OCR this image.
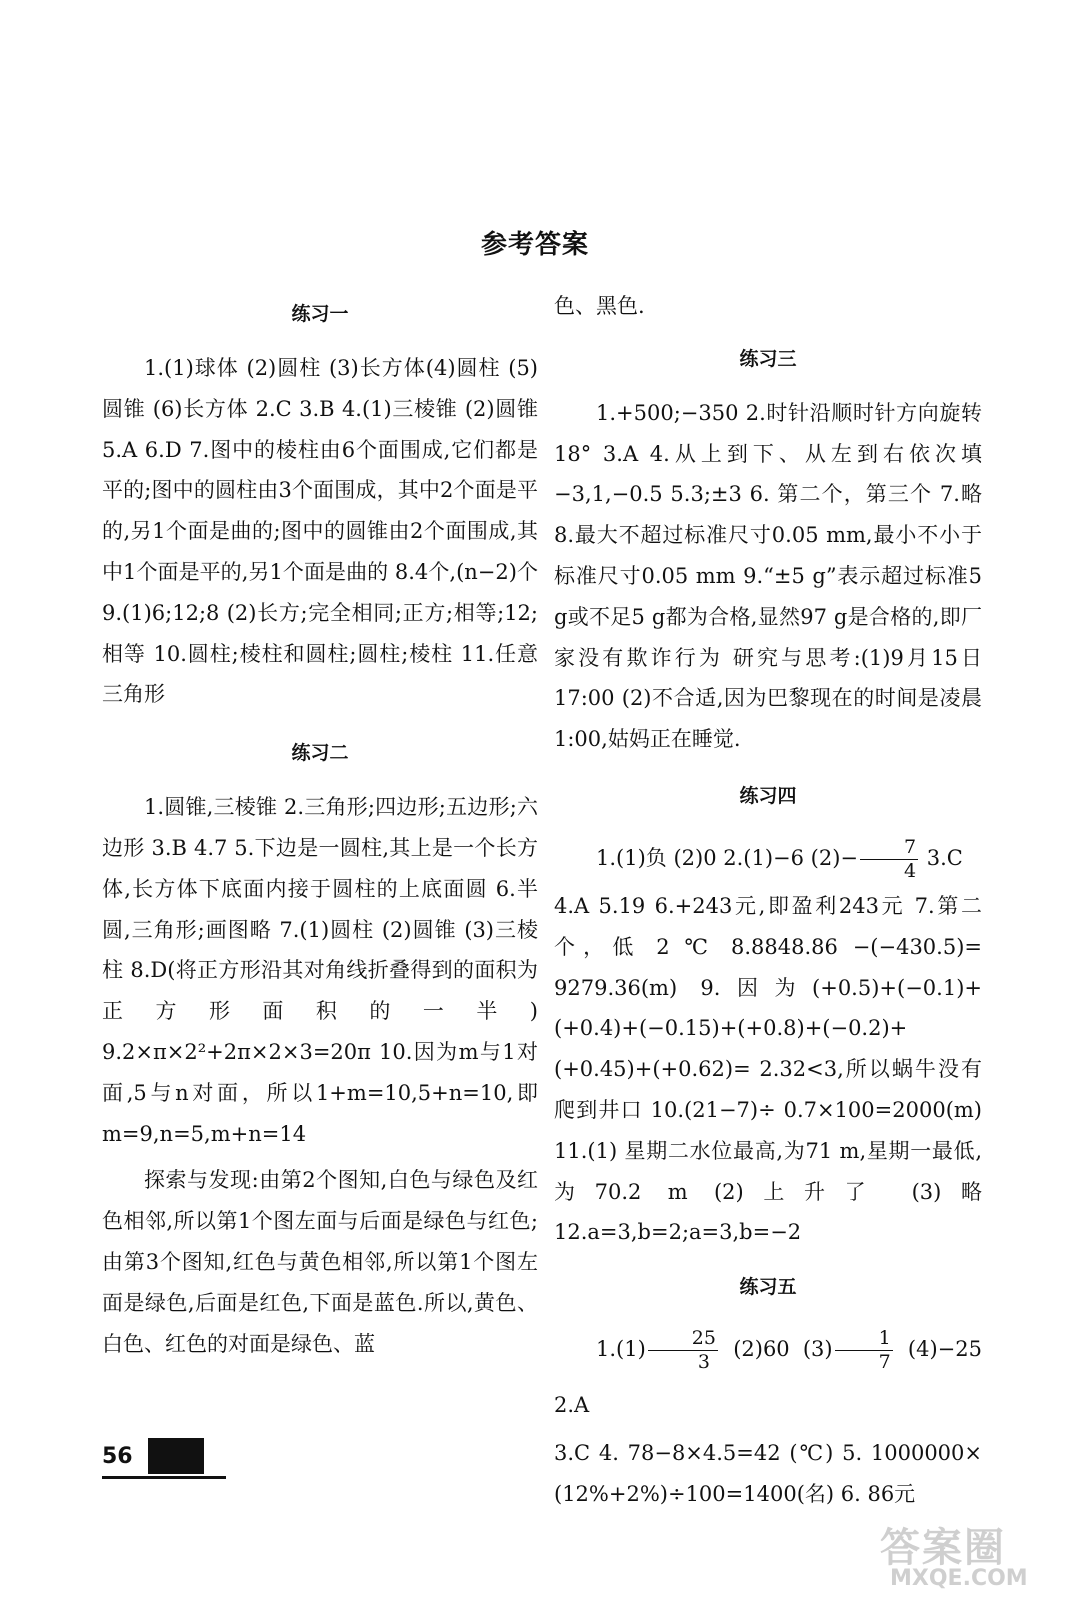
参考答案
练习一

1.(1)球体 (2)圆柱 (3)长方体(4)圆柱 (5)圆锥 (6)长方体 2.C 3.B 4.(1)三棱锥 (2)圆锥 5.A 6.D 7.图中的棱柱由6个面围成,它们都是平的;图中的圆柱由3个面围成，其中2个面是平的,另1个面是曲的;图中的圆锥由2个面围成,其中1个面是平的,另1个面是曲的 8.4个,(n−2)个 9.(1)6;12;8 (2)长方;完全相同;正方;相等;12;相等 10.圆柱;棱柱和圆柱;圆柱;棱柱 11.任意三角形

练习二

1.圆锥,三棱锥 2.三角形;四边形;五边形;六边形 3.B 4.7 5.下边是一圆柱,其上是一个长方体,长方体下底面内接于圆柱的上底面圆 6.半圆,三角形;画图略 7.(1)圆柱 (2)圆锥 (3)三棱柱 8.D(将正方形沿其对角线折叠得到的面积为正方形面积的一半) 9.2×π×2²+2π×2×3=20π 10.因为m与1对面,5与n对面，所以1+m=10,5+n=10,即m=9,n=5,m+n=14

探索与发现:由第2个图知,白色与绿色及红色相邻,所以第1个图左面与后面是绿色与红色;由第3个图知,红色与黄色相邻,所以第1个图左面是绿色,后面是红色,下面是蓝色.所以,黄色、白色、红色的对面是绿色、蓝

色、黑色.

练习三

1.+500;−350 2.时针沿顺时针方向旋转18° 3.A 4.从上到下、从左到右依次填−3,1,−0.5 5.3;±3 6. 第二个，第三个 7.略 8.最大不超过标准尺寸0.05 mm,最小不小于标准尺寸0.05 mm 9.“±5 g”表示超过标准5 g或不足5 g都为合格,显然97 g是合格的,即厂家没有欺诈行为 研究与思考:(1)9月15日17:00 (2)不合适,因为巴黎现在的时间是凌晨1:00,姑妈正在睡觉.

练习四

1.(1)负 (2)0 2.(1)−6 $(2)- \frac{7}{4} 3.C$

4.A 5.19 6.+243元,即盈利243元 7.第二个，低 2 ℃ 8.8848.86 −(−430.5)= 9279.36(m) 9.因为(+0.5)+(−0.1)+(+0.4)+(−0.15)+(+0.8)+(−0.2)+(+0.45)+(+0.62)= 2.32<3,所以蜗牛没有爬到井口 10.(21−7)÷ 0.7×100=2000(m) 11.(1) 星期二水位最高,为71 m,星期一最低,为70.2 m (2)上升了 (3)略 12.a=3,b=2;a=3,b=−2

练习五

$1.(1) \frac{25}{3} (2)60$ $(3) \frac{1}{7} (4)-25$ 2.A

3.C 4. 78−8×4.5=42 (℃) 5. 1000000× (12%+2%)÷100=1400(名) 6. 86元

56
答案圈
MXQE.COM
